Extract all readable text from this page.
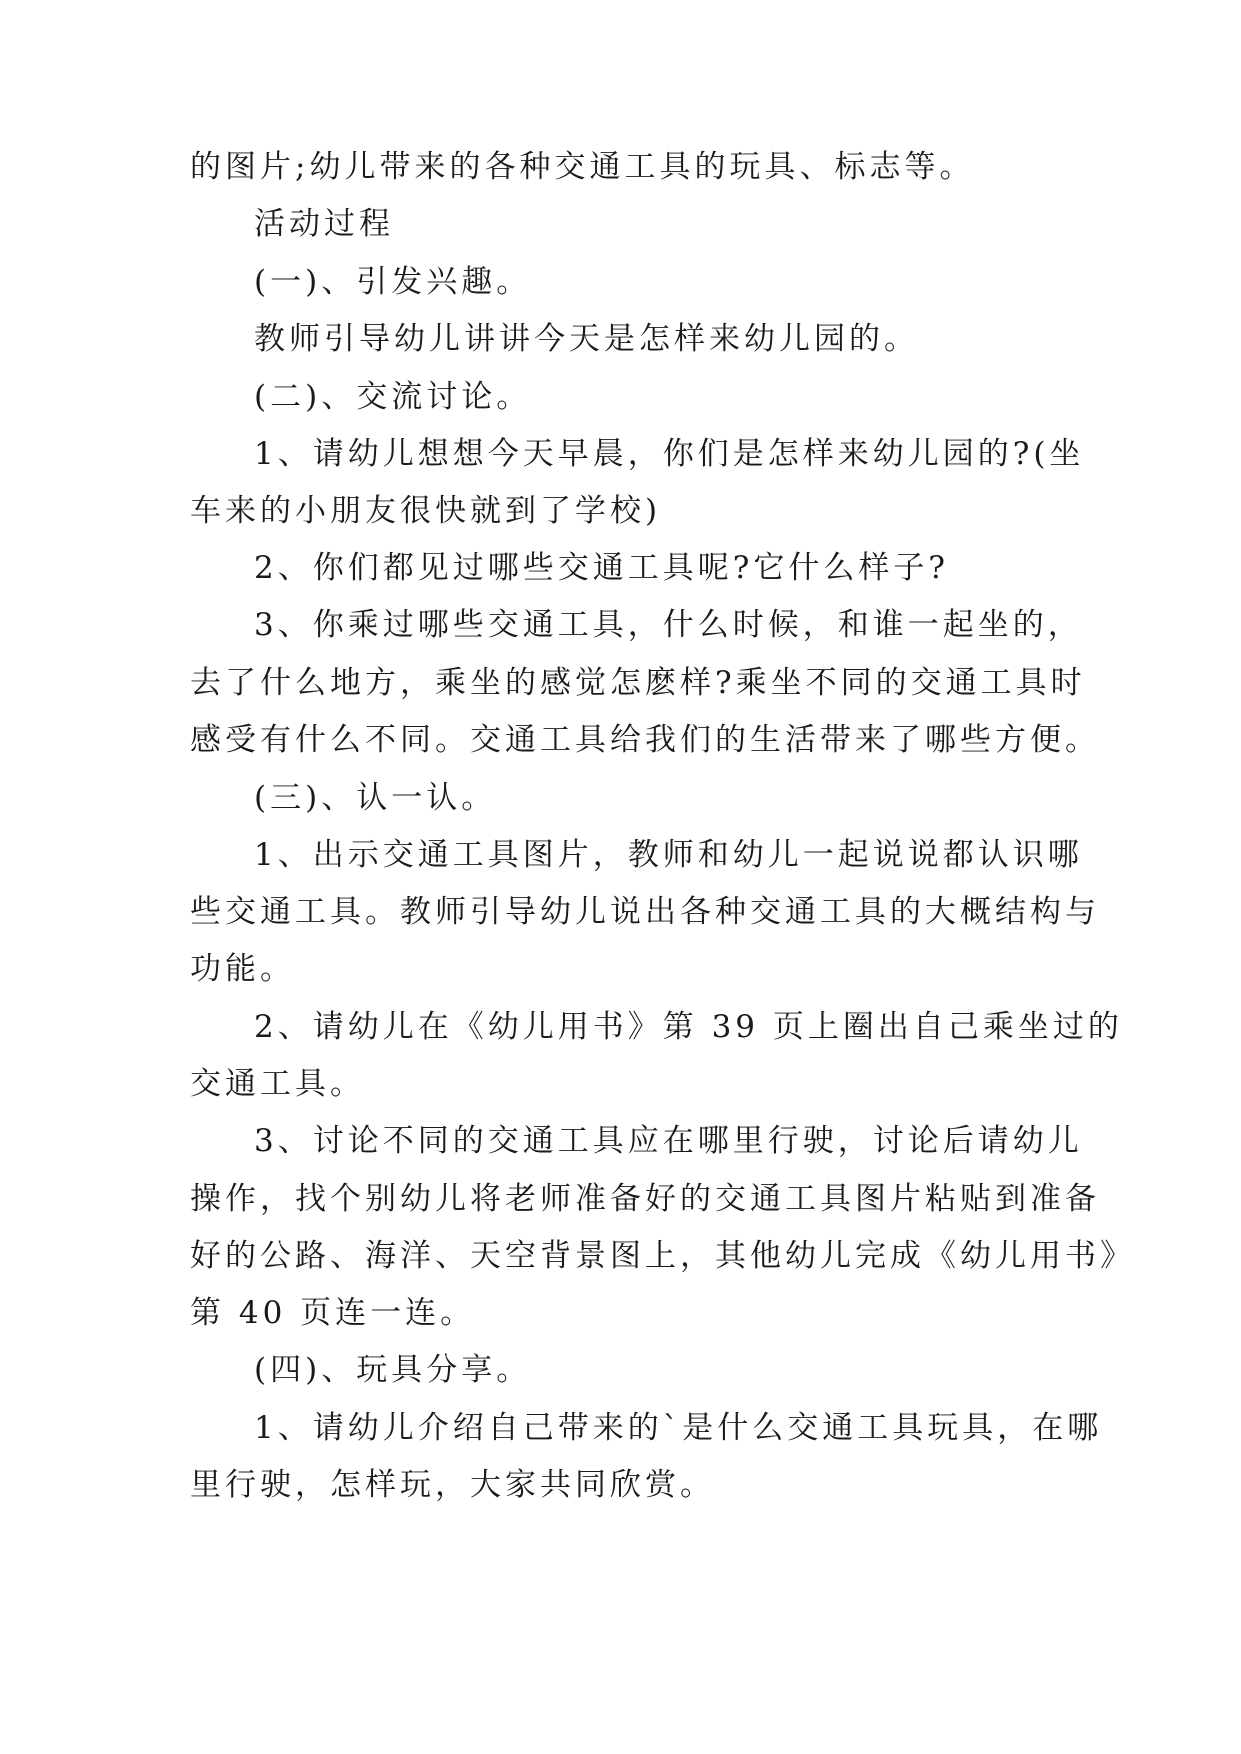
的图片;幼儿带来的各种交通工具的玩具、标志等。
活动过程
(一)、引发兴趣。
教师引导幼儿讲讲今天是怎样来幼儿园的。
(二)、交流讨论。
1、请幼儿想想今天早晨，你们是怎样来幼儿园的?(坐
车来的小朋友很快就到了学校)
2、你们都见过哪些交通工具呢?它什么样子?
3、你乘过哪些交通工具，什么时候，和谁一起坐的，
去了什么地方，乘坐的感觉怎麽样?乘坐不同的交通工具时
感受有什么不同。交通工具给我们的生活带来了哪些方便。
(三)、认一认。
1、出示交通工具图片，教师和幼儿一起说说都认识哪
些交通工具。教师引导幼儿说出各种交通工具的大概结构与
功能。
2、请幼儿在《幼儿用书》第 39 页上圈出自己乘坐过的
交通工具。
3、讨论不同的交通工具应在哪里行驶，讨论后请幼儿
操作，找个别幼儿将老师准备好的交通工具图片粘贴到准备
好的公路、海洋、天空背景图上，其他幼儿完成《幼儿用书》
第 40 页连一连。
(四)、玩具分享。
1、请幼儿介绍自己带来的`是什么交通工具玩具，在哪
里行驶，怎样玩，大家共同欣赏。
